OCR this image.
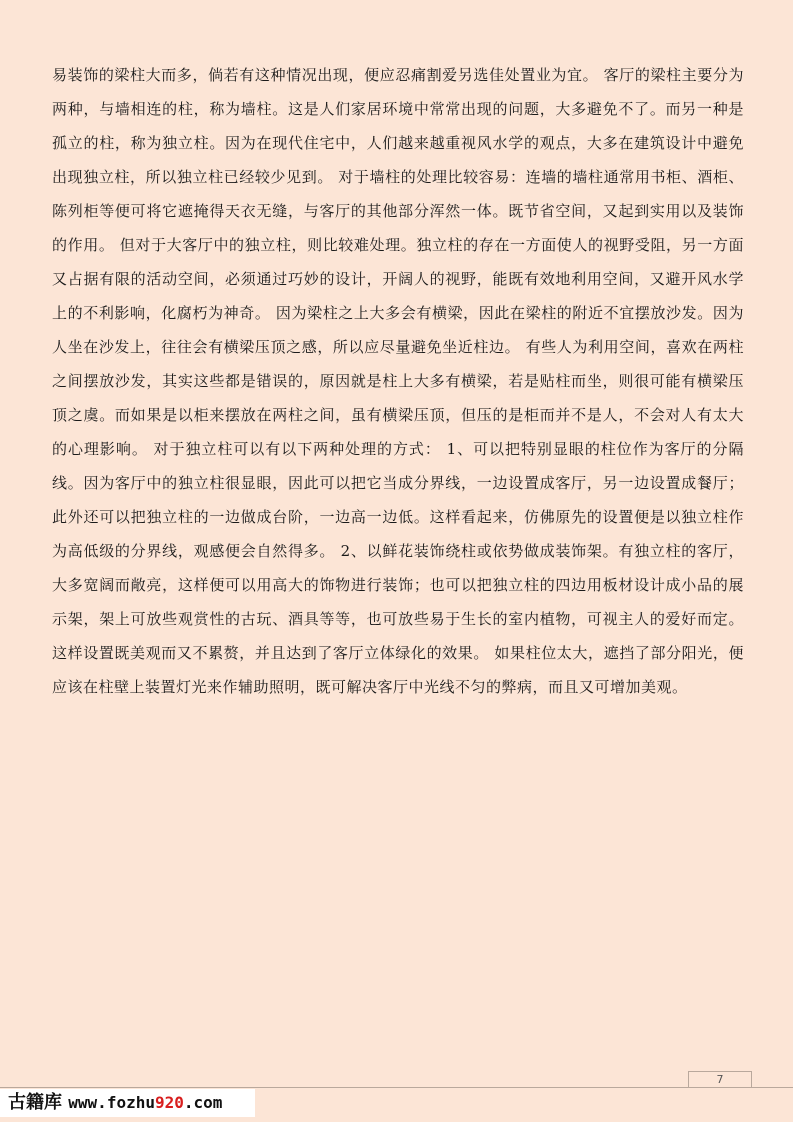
易装饰的梁柱大而多，倘若有这种情况出现，便应忍痛割爱另选佳处置业为宜。 客厅的梁柱主要分为两种，与墙相连的柱，称为墙柱。这是人们家居环境中常常出现的问题，大多避免不了。而另一种是孤立的柱，称为独立柱。因为在现代住宅中，人们越来越重视风水学的观点，大多在建筑设计中避免出现独立柱，所以独立柱已经较少见到。 对于墙柱的处理比较容易：连墙的墙柱通常用书柜、酒柜、陈列柜等便可将它遮掩得天衣无缝，与客厅的其他部分浑然一体。既节省空间，又起到实用以及装饰的作用。 但对于大客厅中的独立柱，则比较难处理。独立柱的存在一方面使人的视野受阻，另一方面又占据有限的活动空间，必须通过巧妙的设计，开阔人的视野，能既有效地利用空间，又避开风水学上的不利影响，化腐朽为神奇。 因为梁柱之上大多会有横梁，因此在梁柱的附近不宜摆放沙发。因为人坐在沙发上，往往会有横梁压顶之感，所以应尽量避免坐近柱边。 有些人为利用空间，喜欢在两柱之间摆放沙发，其实这些都是错误的，原因就是柱上大多有横梁，若是贴柱而坐，则很可能有横梁压顶之虞。而如果是以柜来摆放在两柱之间，虽有横梁压顶，但压的是柜而并不是人，不会对人有太大的心理影响。 对于独立柱可以有以下两种处理的方式： 1、可以把特别显眼的柱位作为客厅的分隔线。因为客厅中的独立柱很显眼，因此可以把它当成分界线，一边设置成客厅，另一边设置成餐厅；此外还可以把独立柱的一边做成台阶，一边高一边低。这样看起来，仿佛原先的设置便是以独立柱作为高低级的分界线，观感便会自然得多。 2、以鲜花装饰绕柱或依势做成装饰架。有独立柱的客厅，大多宽阔而敞亮，这样便可以用高大的饰物进行装饰；也可以把独立柱的四边用板材设计成小品的展示架，架上可放些观赏性的古玩、酒具等等，也可放些易于生长的室内植物，可视主人的爱好而定。这样设置既美观而又不累赘，并且达到了客厅立体绿化的效果。 如果柱位太大，遮挡了部分阳光，便应该在柱壁上装置灯光来作辅助照明，既可解决客厅中光线不匀的弊病，而且又可增加美观。

7
古籍库 www.fozhu920.com
